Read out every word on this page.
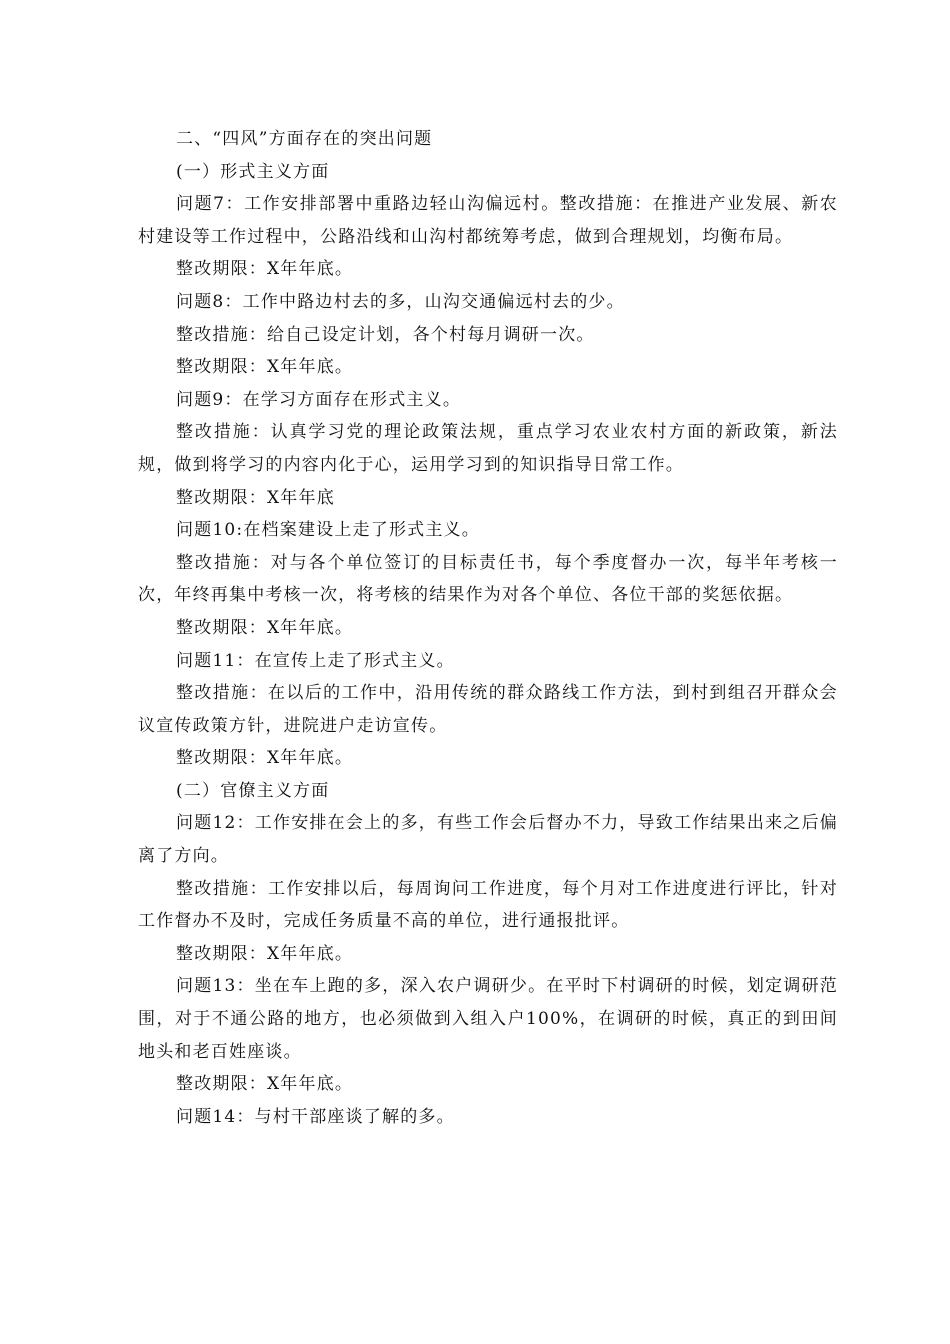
二、“四风”方面存在的突出问题

(一）形式主义方面

问题7：工作安排部署中重路边轻山沟偏远村。整改措施：在推进产业发展、新农村建设等工作过程中，公路沿线和山沟村都统筹考虑，做到合理规划，均衡布局。

整改期限：X年年底。

问题8：工作中路边村去的多，山沟交通偏远村去的少。

整改措施：给自己设定计划，各个村每月调研一次。

整改期限：X年年底。

问题9：在学习方面存在形式主义。

整改措施：认真学习党的理论政策法规，重点学习农业农村方面的新政策，新法规，做到将学习的内容内化于心，运用学习到的知识指导日常工作。

整改期限：X年年底

问题10:在档案建设上走了形式主义。

整改措施：对与各个单位签订的目标责任书，每个季度督办一次，每半年考核一次，年终再集中考核一次，将考核的结果作为对各个单位、各位干部的奖惩依据。

整改期限：X年年底。

问题11：在宣传上走了形式主义。

整改措施：在以后的工作中，沿用传统的群众路线工作方法，到村到组召开群众会议宣传政策方针，进院进户走访宣传。

整改期限：X年年底。

(二）官僚主义方面

问题12：工作安排在会上的多，有些工作会后督办不力，导致工作结果出来之后偏离了方向。

整改措施：工作安排以后，每周询问工作进度，每个月对工作进度进行评比，针对工作督办不及时，完成任务质量不高的单位，进行通报批评。

整改期限：X年年底。

问题13：坐在车上跑的多，深入农户调研少。在平时下村调研的时候，划定调研范围，对于不通公路的地方，也必须做到入组入户100%，在调研的时候，真正的到田间地头和老百姓座谈。

整改期限：X年年底。

问题14：与村干部座谈了解的多。
